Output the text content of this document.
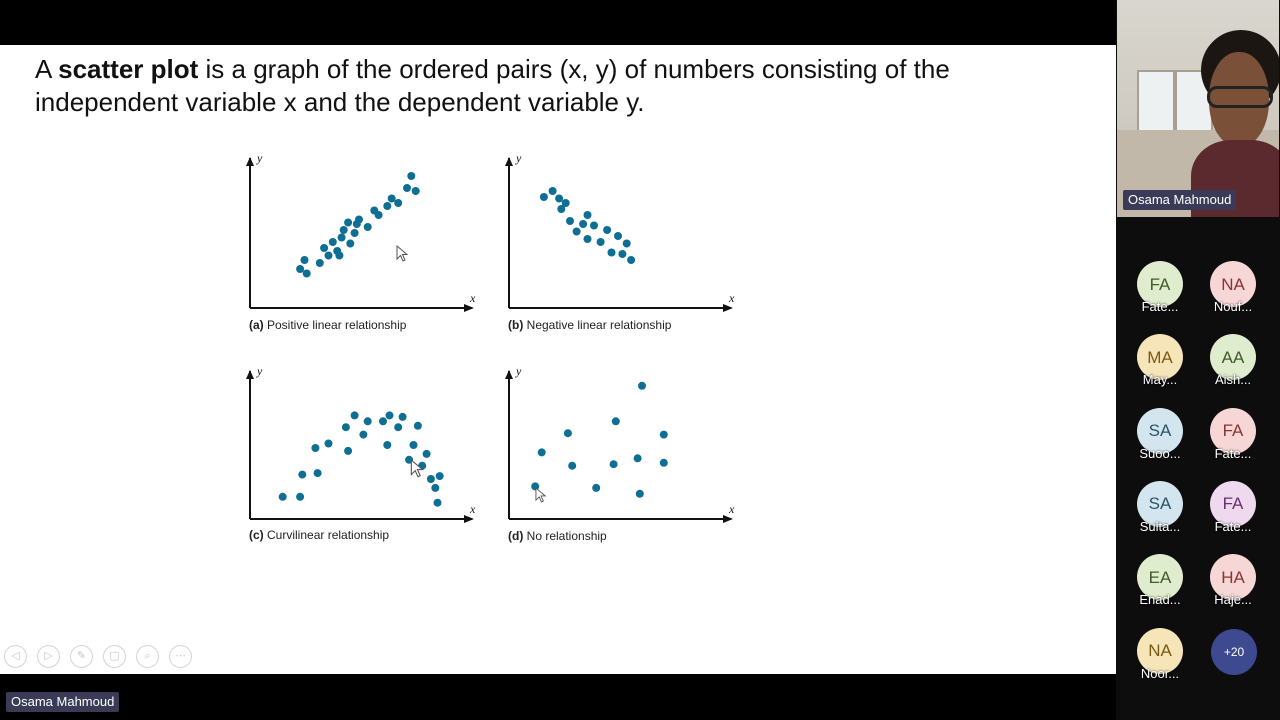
A scatter plot is a graph of the ordered pairs (x, y) of numbers consisting of the independent variable x and the dependent variable y.
y
x
(a) Positive linear relationship
y
x
(b) Negative linear relationship
y
x
(c) Curvilinear relationship
y
x
(d) No relationship
◁ ▷ ✎ ▢ ⌕ ⋯
Osama Mahmoud
FA
Fate...
NA
Nouf...
MA
May...
AA
Aish...
SA
Suoo...
FA
Fate...
SA
Sulta...
FA
Fate...
EA
Enad...
HA
Haje...
NA
Noor...
+20
Osama Mahmoud
